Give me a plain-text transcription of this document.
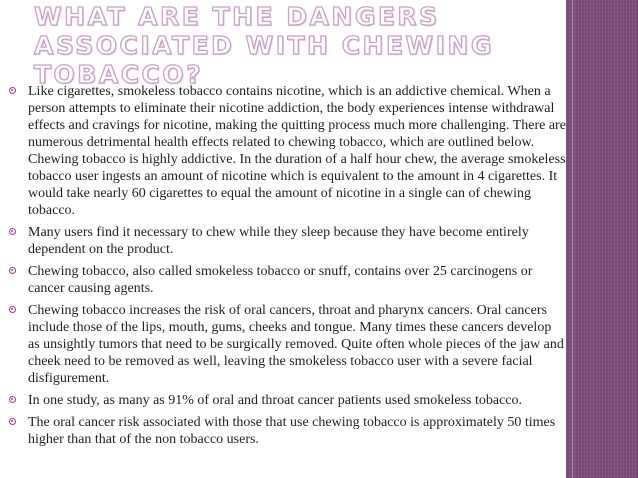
WHAT ARE THE DANGERS ASSOCIATED WITH CHEWING TOBACCO?
Like cigarettes, smokeless tobacco contains nicotine, which is an addictive chemical. When a person attempts to eliminate their nicotine addiction, the body experiences intense withdrawal effects and cravings for nicotine, making the quitting process much more challenging. There are numerous detrimental health effects related to chewing tobacco, which are outlined below. Chewing tobacco is highly addictive. In the duration of a half hour chew, the average smokeless tobacco user ingests an amount of nicotine which is equivalent to the amount in 4 cigarettes. It would take nearly 60 cigarettes to equal the amount of nicotine in a single can of chewing tobacco.
Many users find it necessary to chew while they sleep because they have become entirely dependent on the product.
Chewing tobacco, also called smokeless tobacco or snuff, contains over 25 carcinogens or cancer causing agents.
Chewing tobacco increases the risk of oral cancers, throat and pharynx cancers. Oral cancers include those of the lips, mouth, gums, cheeks and tongue. Many times these cancers develop as unsightly tumors that need to be surgically removed. Quite often whole pieces of the jaw and cheek need to be removed as well, leaving the smokeless tobacco user with a severe facial disfigurement.
In one study, as many as 91% of oral and throat cancer patients used smokeless tobacco.
The oral cancer risk associated with those that use chewing tobacco is approximately 50 times higher than that of the non tobacco users.
